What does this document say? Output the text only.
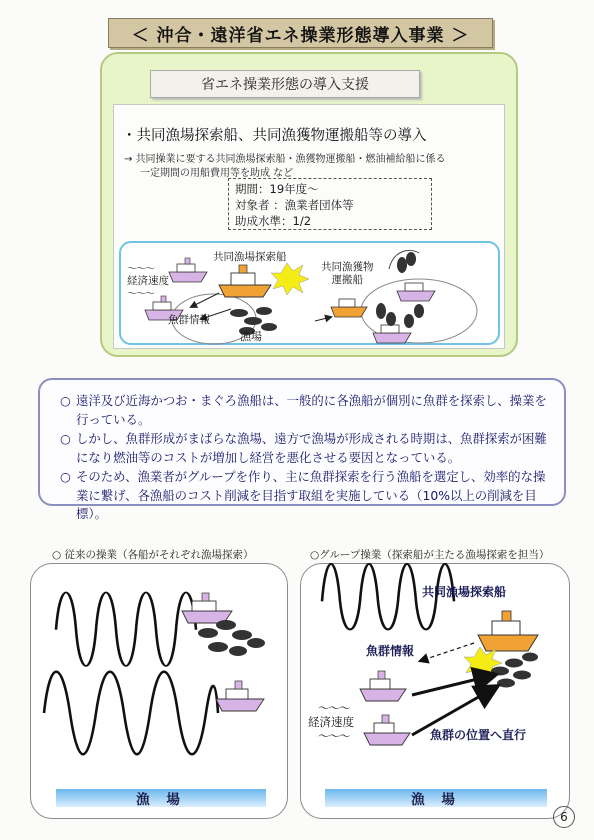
＜ 沖合・遠洋省エネ操業形態導入事業 ＞
省エネ操業形態の導入支援
・共同漁場探索船、共同漁獲物運搬船等の導入
→ 共同操業に要する共同漁場探索船・漁獲物運搬船・燃油補給船に係る
一定期間の用船費用等を助成 など
期間：19年度～
対象者 ：漁業者団体等
助成水準：1/2
共同漁場探索船
共同漁獲物
運搬船
～～～
経済速度
～～～
魚群情報
漁場

○ 遠洋及び近海かつお・まぐろ漁船は、一般的に各漁船が個別に魚群を探索し、操業を行っている。

○ しかし、魚群形成がまばらな漁場、遠方で漁場が形成される時期は、魚群探索が困難になり燃油等のコストが増加し経営を悪化させる要因となっている。

○ そのため、漁業者がグループを作り、主に魚群探索を行う漁船を選定し、効率的な操業に繋げ、各漁船のコスト削減を目指す取組を実施している（10%以上の削減を目標）。

○ 従来の操業（各船がそれぞれ漁場探索）
漁 場
○グループ操業（探索船が主たる漁場探索を担当）
共同漁場探索船
魚群情報
～～～
経済速度
～～～	魚群の位置へ直行
漁 場
6
